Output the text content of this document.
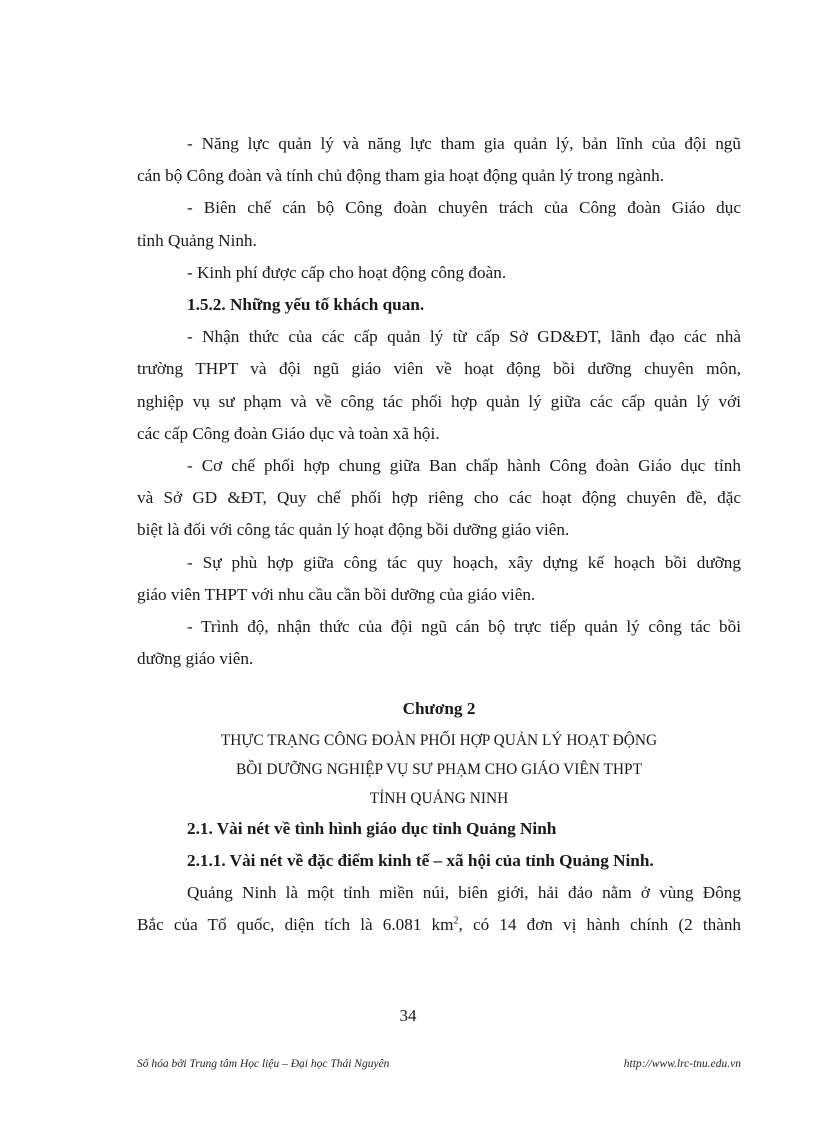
- Năng lực quản lý và năng lực tham gia quản lý, bản lĩnh của đội ngũ
cán bộ Công đoàn và tính chủ động tham gia hoạt động quản lý trong ngành.
- Biên chế cán bộ Công đoàn chuyên trách của Công đoàn Giáo dục
tỉnh Quảng Ninh.
- Kinh phí được cấp cho hoạt động công đoàn.

1.5.2. Những yếu tố khách quan.

- Nhận thức của các cấp quản lý từ cấp Sở GD&ĐT, lãnh đạo các nhà
trường THPT và đội ngũ giáo viên về hoạt động bồi dưỡng chuyên môn,
nghiệp vụ sư phạm và về công tác phối hợp quản lý giữa các cấp quản lý với
các cấp Công đoàn Giáo dục và toàn xã hội.
- Cơ chế phối hợp chung giữa Ban chấp hành Công đoàn Giáo dục tỉnh
và Sở GD &ĐT, Quy chế phối hợp riêng cho các hoạt động chuyên đề, đặc
biệt là đối với công tác quản lý hoạt động bồi dưỡng giáo viên.
- Sự phù hợp giữa công tác quy hoạch, xây dựng kế hoạch bồi dưỡng
giáo viên THPT với nhu cầu cần bồi dưỡng của giáo viên.
- Trình độ, nhận thức của đội ngũ cán bộ trực tiếp quản lý công tác bồi
dưỡng giáo viên.

Chương 2

THỰC TRẠNG CÔNG ĐOÀN PHỐI HỢP QUẢN LÝ HOẠT ĐỘNG

BỒI DƯỠNG NGHIỆP VỤ SƯ PHẠM CHO GIÁO VIÊN THPT

TỈNH QUẢNG NINH

2.1. Vài nét về tình hình giáo dục tỉnh Quảng Ninh

2.1.1. Vài nét về đặc điểm kinh tế – xã hội của tỉnh Quảng Ninh.

Quảng Ninh là một tỉnh miền núi, biên giới, hải đảo nằm ở vùng Đông
Bắc của Tổ quốc, diện tích là 6.081 $km^2$, có 14 đơn vị hành chính (2 thành
34
Số hóa bởi Trung tâm Học liệu – Đại học Thái Nguyên	http://www.lrc-tnu.edu.vn
